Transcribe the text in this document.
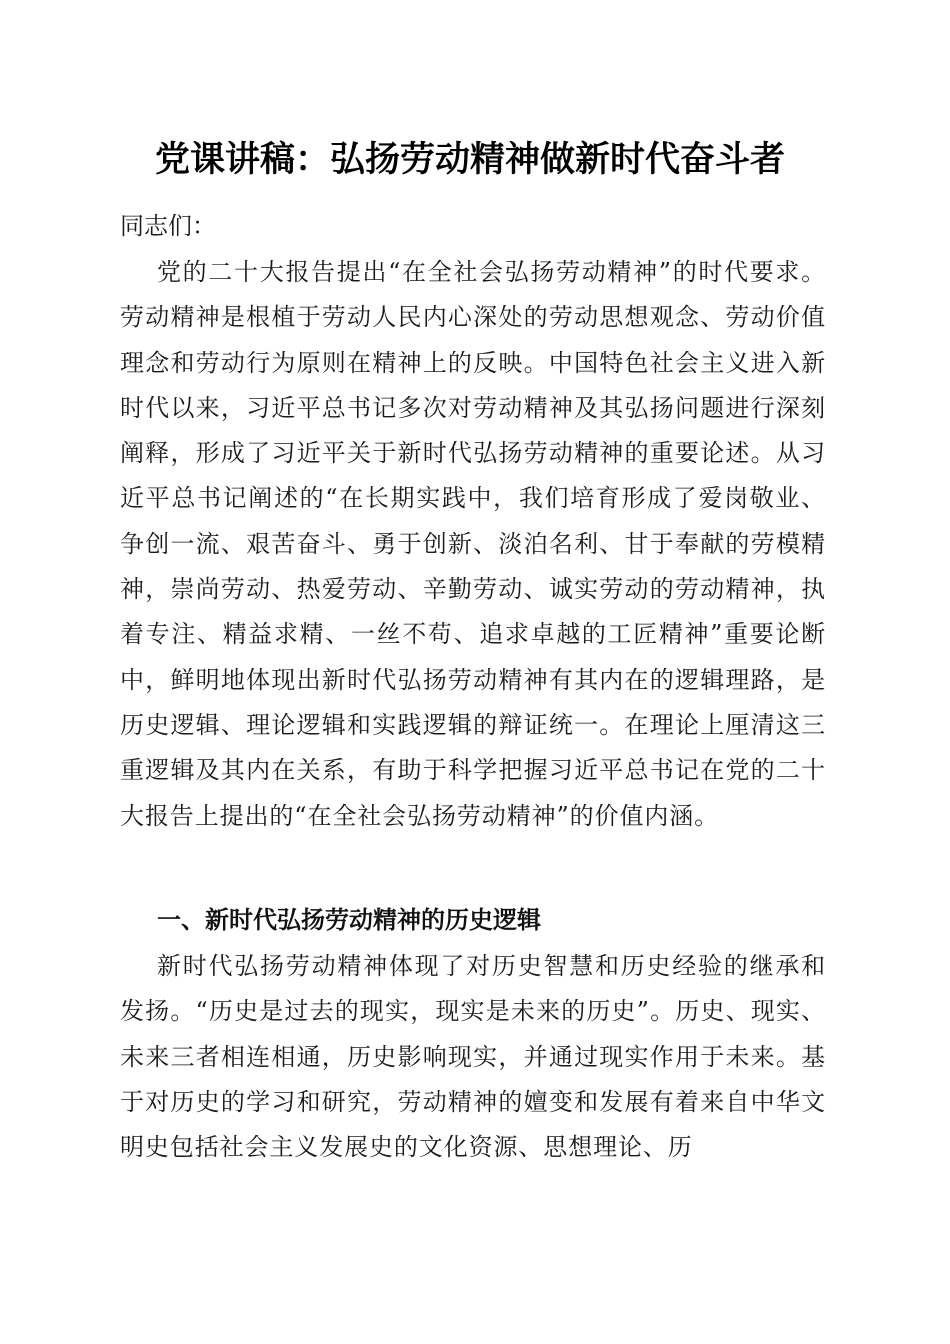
党课讲稿：弘扬劳动精神做新时代奋斗者

同志们：

党的二十大报告提出“在全社会弘扬劳动精神”的时代要求。劳动精神是根植于劳动人民内心深处的劳动思想观念、劳动价值理念和劳动行为原则在精神上的反映。中国特色社会主义进入新时代以来，习近平总书记多次对劳动精神及其弘扬问题进行深刻阐释，形成了习近平关于新时代弘扬劳动精神的重要论述。从习近平总书记阐述的“在长期实践中，我们培育形成了爱岗敬业、争创一流、艰苦奋斗、勇于创新、淡泊名利、甘于奉献的劳模精神，崇尚劳动、热爱劳动、辛勤劳动、诚实劳动的劳动精神，执着专注、精益求精、一丝不苟、追求卓越的工匠精神”重要论断中，鲜明地体现出新时代弘扬劳动精神有其内在的逻辑理路，是历史逻辑、理论逻辑和实践逻辑的辩证统一。在理论上厘清这三重逻辑及其内在关系，有助于科学把握习近平总书记在党的二十大报告上提出的“在全社会弘扬劳动精神”的价值内涵。

一、新时代弘扬劳动精神的历史逻辑

新时代弘扬劳动精神体现了对历史智慧和历史经验的继承和发扬。“历史是过去的现实，现实是未来的历史”。历史、现实、未来三者相连相通，历史影响现实，并通过现实作用于未来。基于对历史的学习和研究，劳动精神的嬗变和发展有着来自中华文明史包括社会主义发展史的文化资源、思想理论、历
